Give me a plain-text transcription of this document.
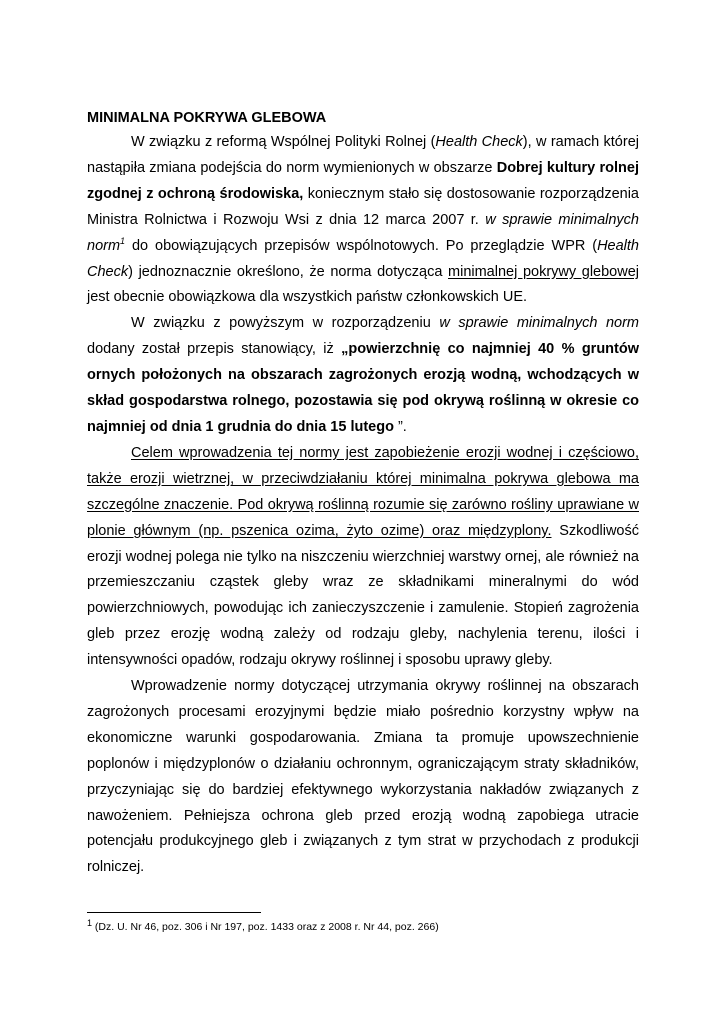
MINIMALNA POKRYWA GLEBOWA

W związku z reformą Wspólnej Polityki Rolnej (Health Check), w ramach której nastąpiła zmiana podejścia do norm wymienionych w obszarze Dobrej kultury rolnej zgodnej z ochroną środowiska, koniecznym stało się dostosowanie rozporządzenia Ministra Rolnictwa i Rozwoju Wsi z dnia 12 marca 2007 r. w sprawie minimalnych norm$^1$ do obowiązujących przepisów wspólnotowych. Po przeglądzie WPR (Health Check) jednoznacznie określono, że norma dotycząca minimalnej pokrywy glebowej jest obecnie obowiązkowa dla wszystkich państw członkowskich UE.

W związku z powyższym w rozporządzeniu w sprawie minimalnych norm dodany został przepis stanowiący, iż „powierzchnię co najmniej 40 % gruntów ornych położonych na obszarach zagrożonych erozją wodną, wchodzących w skład gospodarstwa rolnego, pozostawia się pod okrywą roślinną w okresie co najmniej od dnia 1 grudnia do dnia 15 lutego ”.

Celem wprowadzenia tej normy jest zapobieżenie erozji wodnej i częściowo, także erozji wietrznej, w przeciwdziałaniu której minimalna pokrywa glebowa ma szczególne znaczenie. Pod okrywą roślinną rozumie się zarówno rośliny uprawiane w plonie głównym (np. pszenica ozima, żyto ozime) oraz międzyplony. Szkodliwość erozji wodnej polega nie tylko na niszczeniu wierzchniej warstwy ornej, ale również na przemieszczaniu cząstek gleby wraz ze składnikami mineralnymi do wód powierzchniowych, powodując ich zanieczyszczenie i zamulenie. Stopień zagrożenia gleb przez erozję wodną zależy od rodzaju gleby, nachylenia terenu, ilości i intensywności opadów, rodzaju okrywy roślinnej i sposobu uprawy gleby.

Wprowadzenie normy dotyczącej utrzymania okrywy roślinnej na obszarach zagrożonych procesami erozyjnymi będzie miało pośrednio korzystny wpływ na ekonomiczne warunki gospodarowania. Zmiana ta promuje upowszechnienie poplonów i międzyplonów o działaniu ochronnym, ograniczającym straty składników, przyczyniając się do bardziej efektywnego wykorzystania nakładów związanych z nawożeniem. Pełniejsza ochrona gleb przed erozją wodną zapobiega utracie potencjału produkcyjnego gleb i związanych z tym strat w przychodach z produkcji rolniczej.

$^1$ (Dz. U. Nr 46, poz. 306 i Nr 197, poz. 1433 oraz z 2008 r. Nr 44, poz. 266)
